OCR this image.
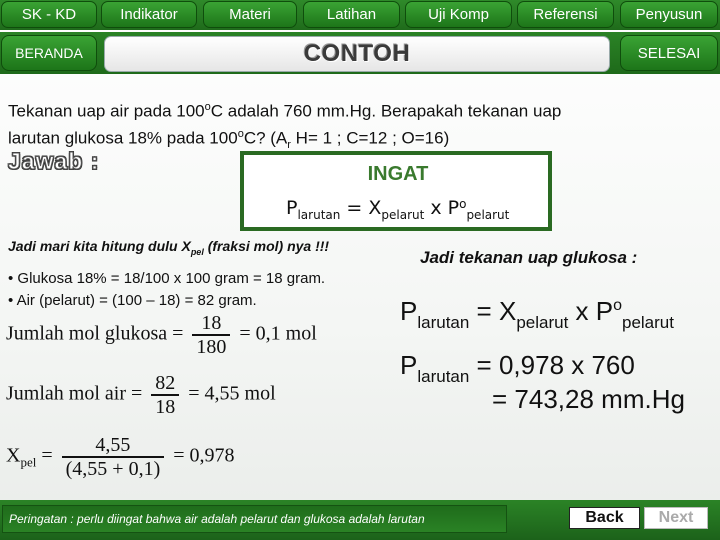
SK - KD	Indikator	Materi	Latihan	Uji Komp	Referensi	Penyusun
BERANDA	CONTOH	SELESAI
Tekanan uap air pada 100$^o$C adalah 760 mm.Hg. Berapakah tekanan uap
larutan glukosa 18% pada 100$^o$C? ($A_r$ H= 1 ; C=12 ; O=16)
Jawab :	INGAT
$P_{larutan} = X_{pelarut}$ x $P^o_{pelarut}$
Jadi mari kita hitung dulu $X_{pel}$ (fraksi mol) nya !!!
• Glukosa 18% = 18/100 x 100 gram = 18 gram.
• Air (pelarut) = (100 – 18) = 82 gram.
Jumlah mol glukosa = $\frac{18}{180} = 0,1$ mol
Jumlah mol air = $\frac{82}{18} = 4,55$ mol
$X_{pel} = \frac{4,55}{(4,55 + 0,1)} = 0,978$
Jadi tekanan uap glukosa :
$P_{larutan} = X_{pelarut}$ x $P^o_{pelarut}$
$P_{larutan} = 0,978$ x 760
= 743,28 mm.Hg
Peringatan : perlu diingat bahwa air adalah pelarut dan glukosa adalah larutan	Back	Next
